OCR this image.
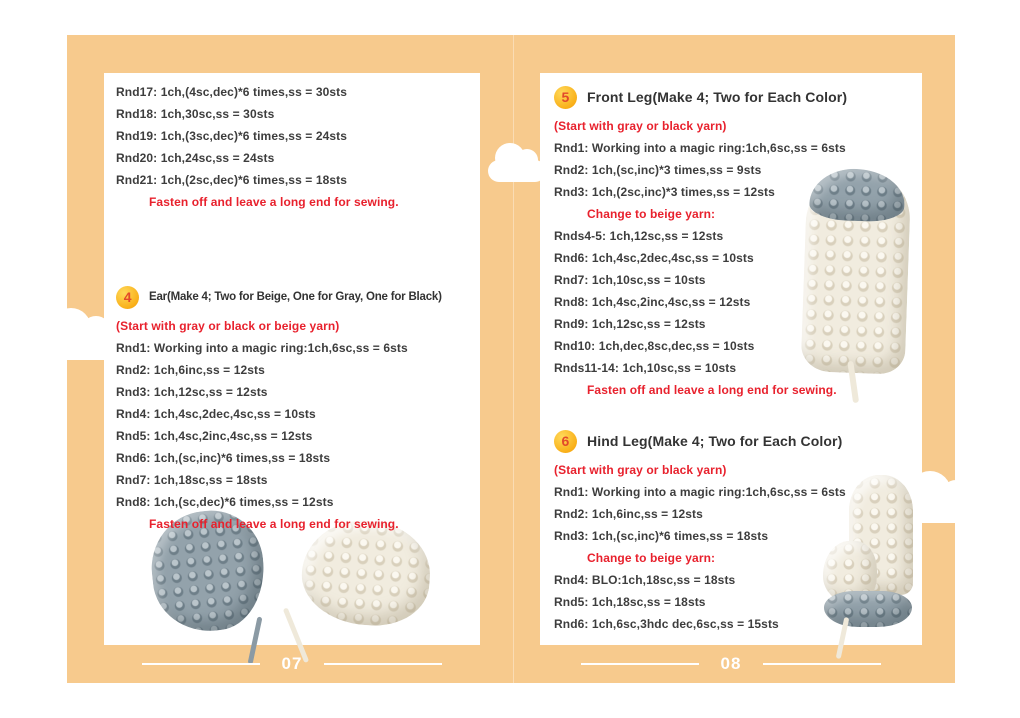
Rnd17: 1ch,(4sc,dec)*6 times,ss = 30sts
Rnd18: 1ch,30sc,ss = 30sts
Rnd19: 1ch,(3sc,dec)*6 times,ss = 24sts
Rnd20: 1ch,24sc,ss = 24sts
Rnd21: 1ch,(2sc,dec)*6 times,ss = 18sts
Fasten off and leave a long end for sewing.
4	Ear(Make 4; Two for Beige, One for Gray, One for Black)
(Start with gray or black or beige yarn)
Rnd1: Working into a magic ring:1ch,6sc,ss = 6sts
Rnd2: 1ch,6inc,ss = 12sts
Rnd3: 1ch,12sc,ss = 12sts
Rnd4: 1ch,4sc,2dec,4sc,ss = 10sts
Rnd5: 1ch,4sc,2inc,4sc,ss = 12sts
Rnd6: 1ch,(sc,inc)*6 times,ss = 18sts
Rnd7: 1ch,18sc,ss = 18sts
Rnd8: 1ch,(sc,dec)*6 times,ss = 12sts
Fasten off and leave a long end for sewing.
5	Front Leg(Make 4; Two for Each Color)
(Start with gray or black yarn)
Rnd1: Working into a magic ring:1ch,6sc,ss = 6sts
Rnd2: 1ch,(sc,inc)*3 times,ss = 9sts
Rnd3: 1ch,(2sc,inc)*3 times,ss = 12sts
Change to beige yarn:
Rnds4-5: 1ch,12sc,ss = 12sts
Rnd6: 1ch,4sc,2dec,4sc,ss = 10sts
Rnd7: 1ch,10sc,ss = 10sts
Rnd8: 1ch,4sc,2inc,4sc,ss = 12sts
Rnd9: 1ch,12sc,ss = 12sts
Rnd10: 1ch,dec,8sc,dec,ss = 10sts
Rnds11-14: 1ch,10sc,ss = 10sts
Fasten off and leave a long end for sewing.
6	Hind Leg(Make 4; Two for Each Color)
(Start with gray or black yarn)
Rnd1: Working into a magic ring:1ch,6sc,ss = 6sts
Rnd2: 1ch,6inc,ss = 12sts
Rnd3: 1ch,(sc,inc)*6 times,ss = 18sts
Change to beige yarn:
Rnd4: BLO:1ch,18sc,ss = 18sts
Rnd5: 1ch,18sc,ss = 18sts
Rnd6: 1ch,6sc,3hdc dec,6sc,ss = 15sts
07	08
